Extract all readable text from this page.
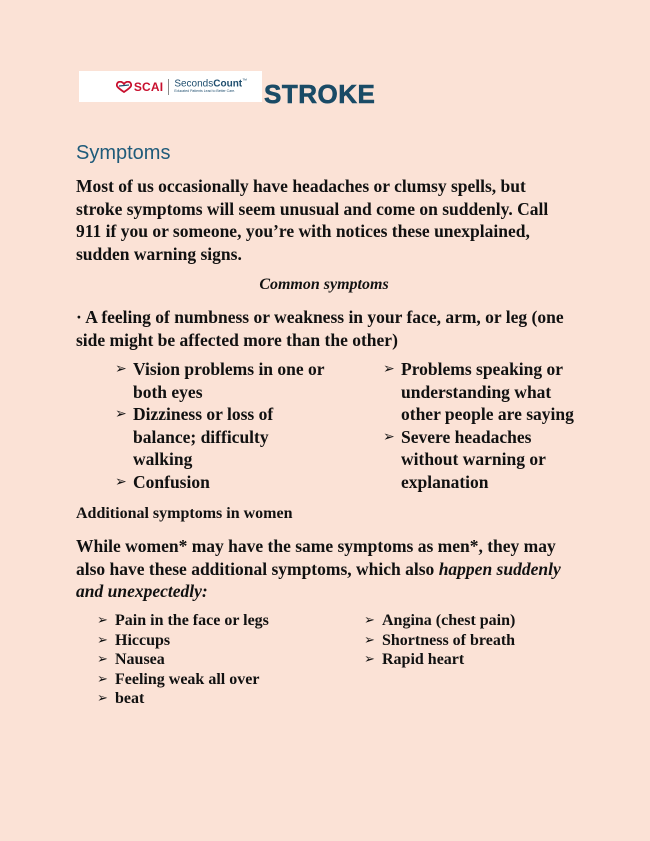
SCAI SecondsCount™
Educated Patients Lead to Better Care.	STROKE
Symptoms

Most of us occasionally have headaches or clumsy spells, but stroke symptoms will seem unusual and come on suddenly. Call 911 if you or someone, you’re with notices these unexplained, sudden warning signs.

Common symptoms

· A feeling of numbness or weakness in your face, arm, or leg (one side might be affected more than the other)

➢ Vision problems in one or both eyes
➢ Dizziness or loss of balance; difficulty walking
➢ Confusion
➢ Problems speaking or understanding what other people are saying
➢ Severe headaches without warning or explanation

Additional symptoms in women

While women* may have the same symptoms as men*, they may also have these additional symptoms, which also happen suddenly and unexpectedly:

➢ Pain in the face or legs
➢ Hiccups
➢ Nausea
➢ Feeling weak all over
➢ beat
➢ Angina (chest pain)
➢ Shortness of breath
➢ Rapid heart
